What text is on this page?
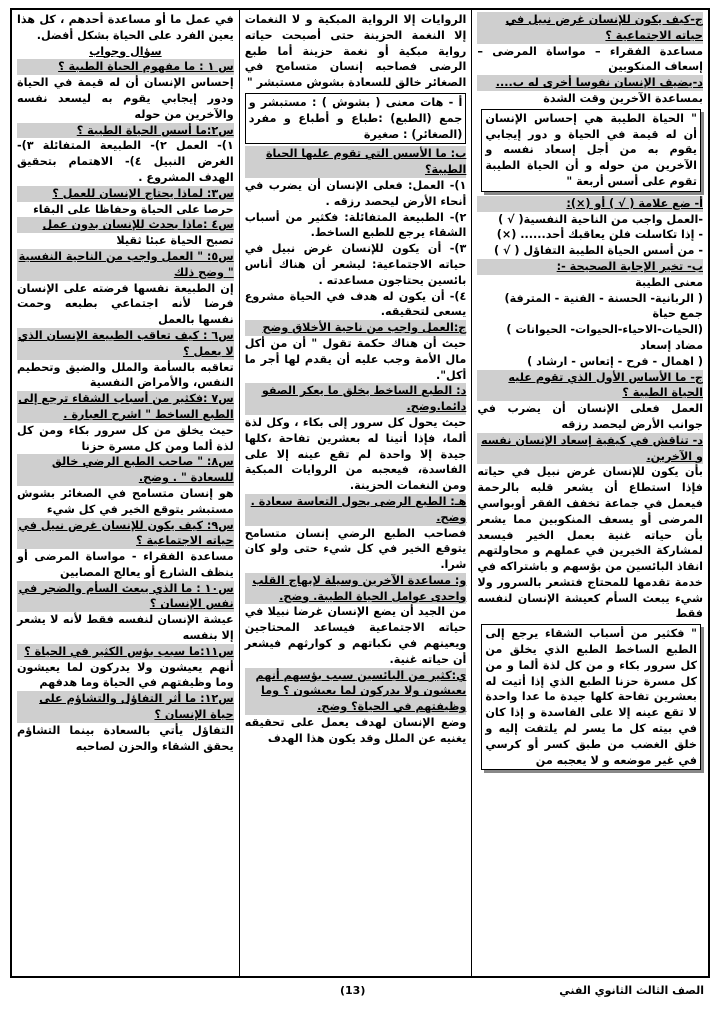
ج-كيف يكون للإنسان غرض نبيل في حياته الاجتماعية ؟

مساعدة الفقراء – مواساة المرضى – إسعاف المنكوبين

د-يضيف الإنسان نفوسا أخرى له ب....

بمساعدة الآخرين وقت الشدة

" الحياة الطيبة هي إحساس الإنسان أن له قيمة في الحياة و دور إيجابي يقوم به من أجل إسعاد نفسه و الآخرين من حوله و أن الحياة الطيبة تقوم على أسس أربعة "

أ- ضع علامة ( √ ) أو (×):

-العمل واجب من الناحية النفسية( √ )

- إذا تكاسلت فلن يعاقبك أحد...... (×)

- من أسس الحياة الطيبة التفاؤل ( √ )

ب- تخير الإجابة الصحيحة -:

معنى الطيبة

( الربانية- الحسنة - الفنية - المترفة)

جمع حياة

(الحيات-الاحياء-الحيوات- الحيوانات )

مضاد إسعاد

( اهمال - فرح - إتعاس - ارشاد )

ج- ما الأساس الأول الذي تقوم عليه الحياة الطيبة ؟

العمل فعلى الإنسان أن يضرب في جوانب الأرض ليحصد رزقه

د- تناقش في كيفية إسعاد الإنسان نفسه و الآخرين.

بأن يكون للإنسان غرض نبيل في حياته فإذا استطاع أن يشعر قلبه بالرحمة فيعمل في جماعة تخفف الفقر أوبواسي المرضى أو يسعف المنكوبين مما يشعر بأن حياته غنية بعمل الخير فيسعد لمشاركة الخيرين في عملهم و محاولتهم انقاذ البائسين من بؤسهم و باشتراكه في خدمة تقدمها للمحتاج فتشعر بالسرور ولا شيء يبعث السأم كعيشة الإنسان لنفسه فقط

" فكثير من أسباب الشقاء يرجع إلى الطبع الساخط الطبع الذي يخلق من كل سرور بكاء و من كل لذة ألما و من كل مسرة حزنا الطبع الذي إذا أتيت له بعشرين تفاحة كلها جيدة ما عدا واحدة لا تقع عينه إلا على الفاسدة و إذا كان في بيته كل ما يسر لم يلتفت إليه و خلق الغضب من طبق كسر أو كرسي في غير موضعه و لا يعجبه من

الروايات إلا الرواية المبكية و لا النغمات إلا النغمة الحزينة حتى أصبحت حياته رواية مبكية أو نغمة حزينة أما طبع الرضى فصاحبه إنسان متسامح في الصغائر خالق للسعادة بشوش مستبشر "

أ - هات معنى ( بشوش ) : مستبشر و جمع (الطبع) :طباع و أطباع و مفرد (الصغائر) : صغيرة

ب: ما الأسس التي تقوم عليها الحياة الطيبة؟

١)- العمل: فعلى الإنسان أن يضرب في أنحاء الأرض ليحصد رزقه .

٢)- الطبيعة المتفائلة: فكثير من أسباب الشقاء يرجع للطبع الساخط.

٣)- أن يكون للإنسان غرض نبيل في حياته الاجتماعية: ليشعر أن هناك أناس بائسين يحتاجون مساعدته .

٤)- أن يكون له هدف في الحياة مشروع يسعى لتحقيقه.

ج:العمل واجب من ناحية الأخلاق وضح

حيث أن هناك حكمة تقول " أن من أكل مال الأمة وجب عليه أن يقدم لها أجر ما أكل".

د: الطبع الساخط يخلق ما يعكر الصفو دائما.وضح.

حيث يحول كل سرور إلى بكاء ، وكل لذة ألما، فإذا أتينا له بعشرين تفاحة ،كلها جيدة إلا واحدة لم تقع عينه إلا على الفاسدة، فيعجبه من الروايات المبكية ومن النغمات الحزينة.

هـ: الطبع الرضى يحول التعاسة سعادة . وضح.

فصاحب الطبع الرضي إنسان متسامح يتوقع الخير في كل شيء حتى ولو كان شرا.

و: مساعدة الآخرين وسيلة لإبهاج القلب واحدى عوامل الحياة الطيبة. وضح.

من الجيد أن يضع الإنسان غرضا نبيلا في حياته الاجتماعية فيساعد المحتاجين ويعينهم في نكباتهم و كوارثهم فيشعر أن حياته غنية.

ي:كثير من البائسين سبب بؤسهم أنهم يعيشون ولا يدركون لما يعيشون ؟ وما وظيفتهم في الحياة؟ وضح.

وضع الإنسان لهدف يعمل على تحقيقه يغنيه عن الملل وقد يكون هذا الهدف

في عمل ما أو مساعدة أحدهم ، كل هذا يعين الفرد على الحياة بشكل أفضل.

سؤال وجواب

س ١ : ما مفهوم الحياة الطيبة ؟

إحساس الإنسان أن له قيمة في الحياة ودور إيجابي يقوم به ليسعد نفسه والآخرين من حوله

س٢:ما أسس الحياة الطيبة ؟

١)- العمل ٢)- الطبيعة المتفائلة ٣)- الغرض النبيل ٤)- الاهتمام بتحقيق الهدف المشروع .

س٣: لماذا يحتاج الإنسان للعمل ؟

حرصا على الحياة وحفاظا على البقاء

س٤ :ماذا يحدث للإنسان بدون عمل

تصبح الحياة عبئا ثقيلا

س٥: " العمل واجب من الناحية النفسية " وضح ذلك

إن الطبيعة نفسها فرضته على الإنسان فرضا لأنه اجتماعي بطبعه وحمت نفسها بالعمل

س٦ : كيف تعاقب الطبيعة الإنسان الذي لا يعمل ؟

تعاقبه بالسأمة والملل والضيق وتحطيم النفس، والأمراض النفسية

س٧ :فكثير من أسباب الشقاء ترجع إلى الطبع الساخط " اشرح العبارة .

حيث يخلق من كل سرور بكاء ومن كل لذة ألما ومن كل مسرة حزنا

س٨: " صاحب الطبع الرضي خالق للسعادة " . وضح.

هو إنسان متسامح في الصغائر بشوش مستبشر يتوقع الخير في كل شيء

س٩: كيف يكون للإنسان غرض نبيل في حياته الاجتماعية ؟

مساعدة الفقراء - مواساة المرضى أو ينظف الشارع أو يعالج المصابين

س١٠ : ما الذي يبعث السأم والضجر في نفس الإنسان ؟

عيشة الإنسان لنفسه فقط لأنه لا يشعر إلا بنفسه

س١١:ما سبب بؤس الكثير في الحياة ؟

أنهم يعيشون ولا يدركون لما يعيشون وما وظيفتهم في الحياة وما هدفهم

س١٢: ما أثر التفاؤل والتشاؤم على حياة الإنسان ؟

التفاؤل يأتي بالسعادة بينما التشاؤم يحقق الشقاء والحزن لصاحبه

الصف الثالث الثانوي الفني
(13)
